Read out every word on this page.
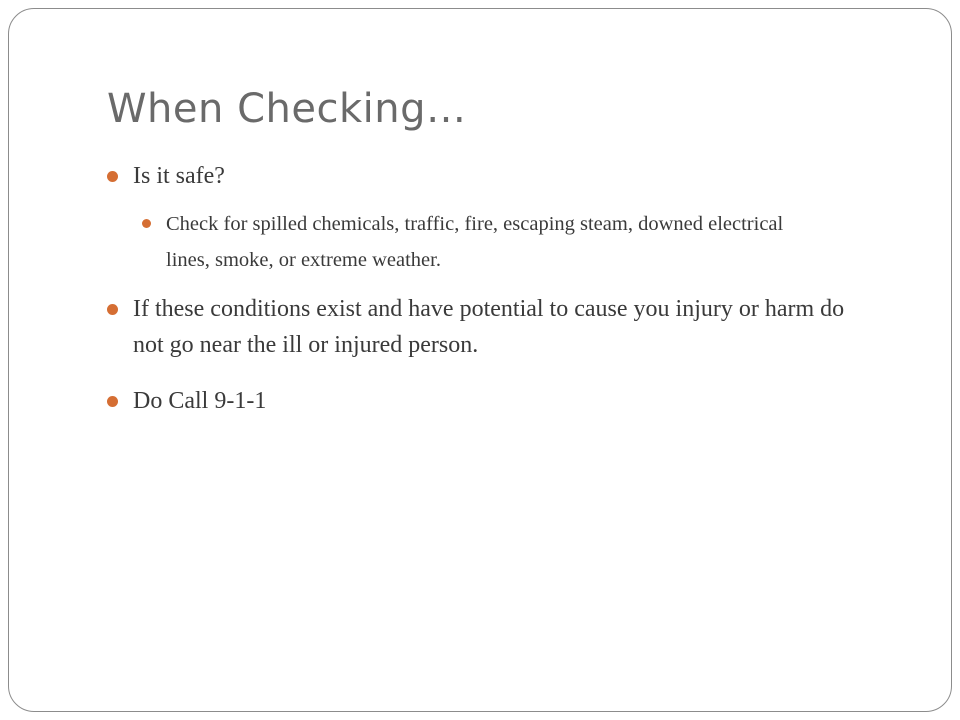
When Checking…
Is it safe?
Check for spilled chemicals, traffic, fire, escaping steam, downed electrical lines, smoke, or extreme weather.
If these conditions exist and have potential to cause you injury or harm do not go near the ill or injured person.
Do Call 9-1-1
